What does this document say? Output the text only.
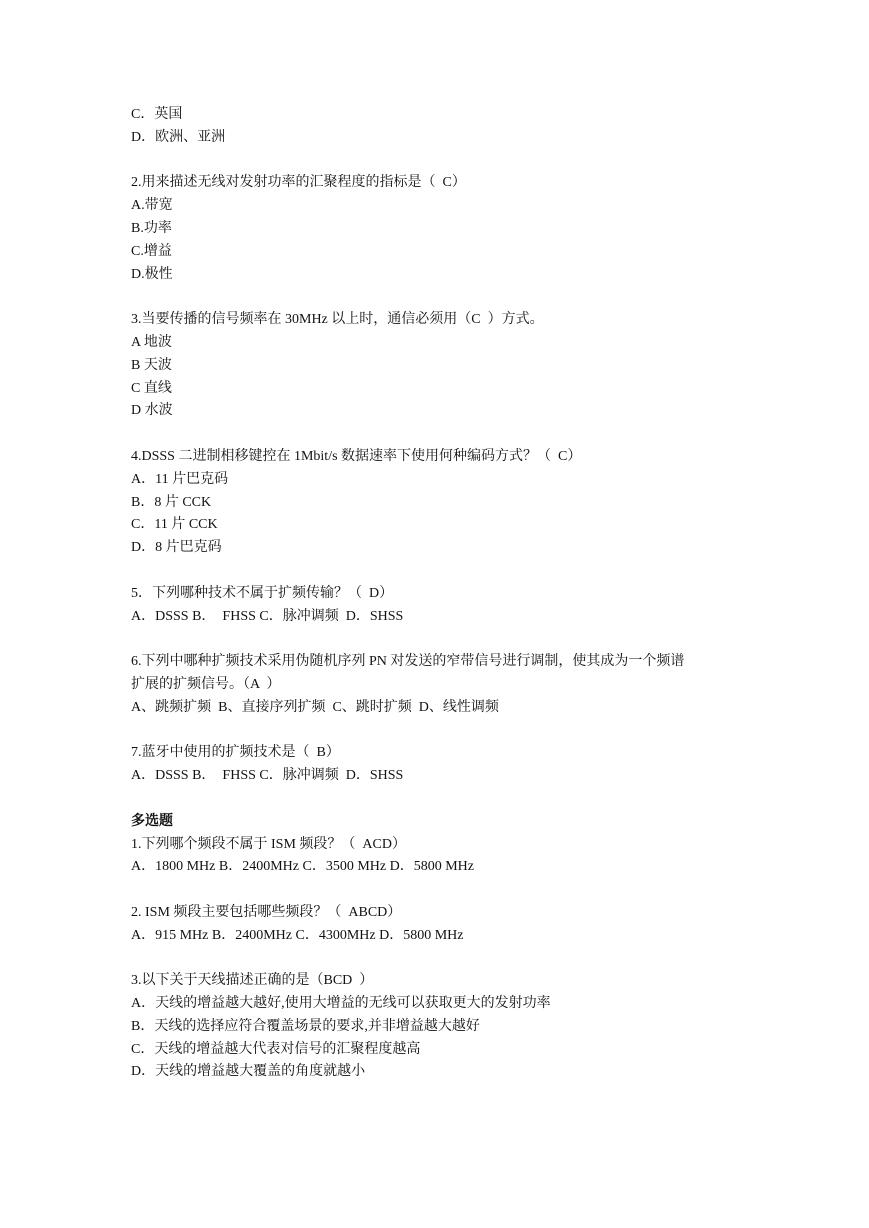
C．英国
D．欧洲、亚洲
2.用来描述无线对发射功率的汇聚程度的指标是（  C）
A.带宽
B.功率
C.增益
D.极性
3.当要传播的信号频率在 30MHz 以上时，通信必须用（C  ）方式。
A 地波
B 天波
C 直线
D 水波
4.DSSS 二进制相移键控在 1Mbit/s 数据速率下使用何种编码方式？（  C）
A．11 片巴克码
B．8 片 CCK
C．11 片 CCK
D．8 片巴克码
5．下列哪种技术不属于扩频传输？（  D）
A．DSSS B．  FHSS C．脉冲调频  D．SHSS
6.下列中哪种扩频技术采用伪随机序列 PN 对发送的窄带信号进行调制，使其成为一个频谱
扩展的扩频信号。（A  ）
A、跳频扩频  B、直接序列扩频  C、跳时扩频  D、线性调频
7.蓝牙中使用的扩频技术是（  B）
A．DSSS B．  FHSS C．脉冲调频  D．SHSS
多选题
1.下列哪个频段不属于 ISM 频段？（  ACD）
A．1800 MHz B．2400MHz C．3500 MHz D．5800 MHz
2. ISM 频段主要包括哪些频段？（  ABCD）
A．915 MHz B．2400MHz C．4300MHz D．5800 MHz
3.以下关于天线描述正确的是（BCD  ）
A．天线的增益越大越好,使用大增益的无线可以获取更大的发射功率
B．天线的选择应符合覆盖场景的要求,并非增益越大越好
C．天线的增益越大代表对信号的汇聚程度越高
D．天线的增益越大覆盖的角度就越小
